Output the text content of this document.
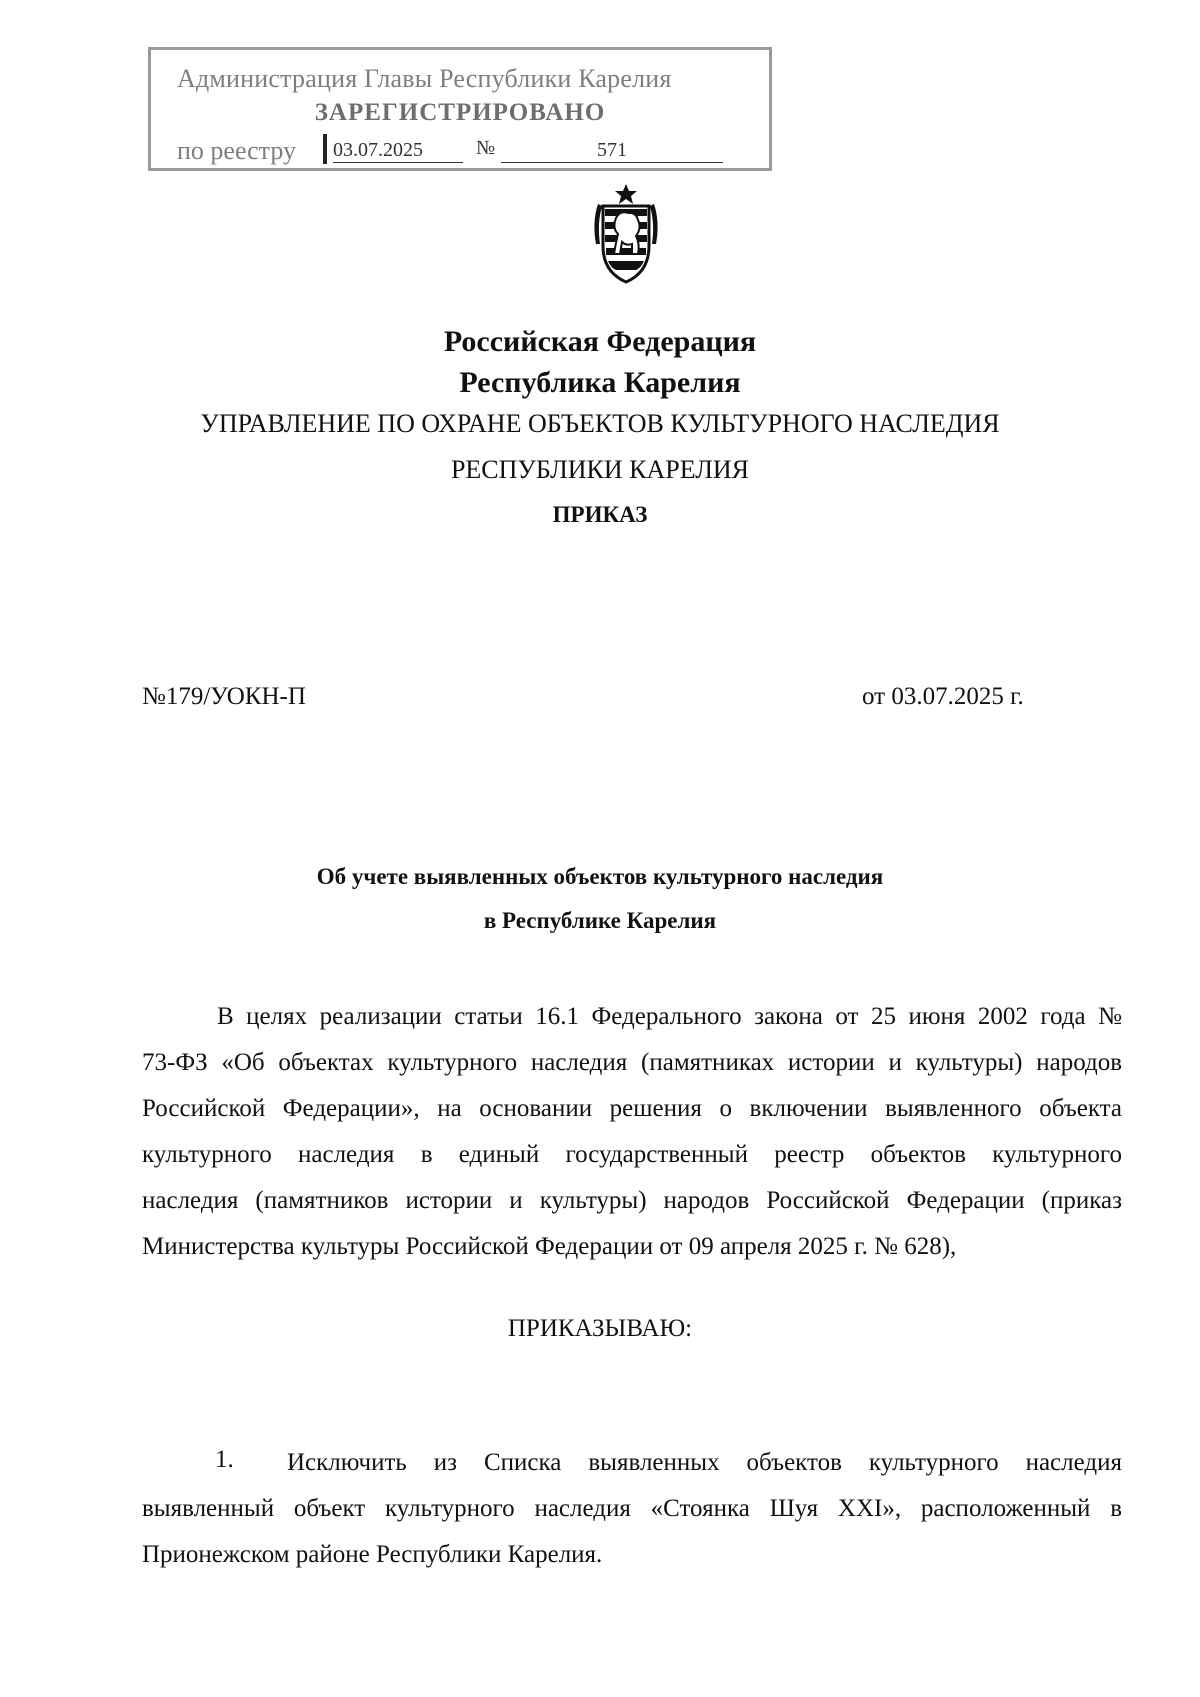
Администрация Главы Республики Карелия
ЗАРЕГИСТРИРОВАНО
по реестру 03.07.2025	№	571
Российская Федерация
Республика Карелия
УПРАВЛЕНИЕ ПО ОХРАНЕ ОБЪЕКТОВ КУЛЬТУРНОГО НАСЛЕДИЯ
РЕСПУБЛИКИ КАРЕЛИЯ
ПРИКАЗ
№179/УОКН-П	от 03.07.2025 г.
Об учете выявленных объектов культурного наследия
в Республике Карелия
В целях реализации статьи 16.1 Федерального закона от 25 июня 2002 года №
73-ФЗ «Об объектах культурного наследия (памятниках истории и культуры) народов
Российской Федерации», на основании решения о включении выявленного объекта
культурного наследия в единый государственный реестр объектов культурного
наследия (памятников истории и культуры) народов Российской Федерации (приказ
Министерства культуры Российской Федерации от 09 апреля 2025 г. № 628),
ПРИКАЗЫВАЮ:
1.	Исключить из Списка выявленных объектов культурного наследия
выявленный объект культурного наследия «Стоянка Шуя XXI», расположенный в
Прионежском районе Республики Карелия.
